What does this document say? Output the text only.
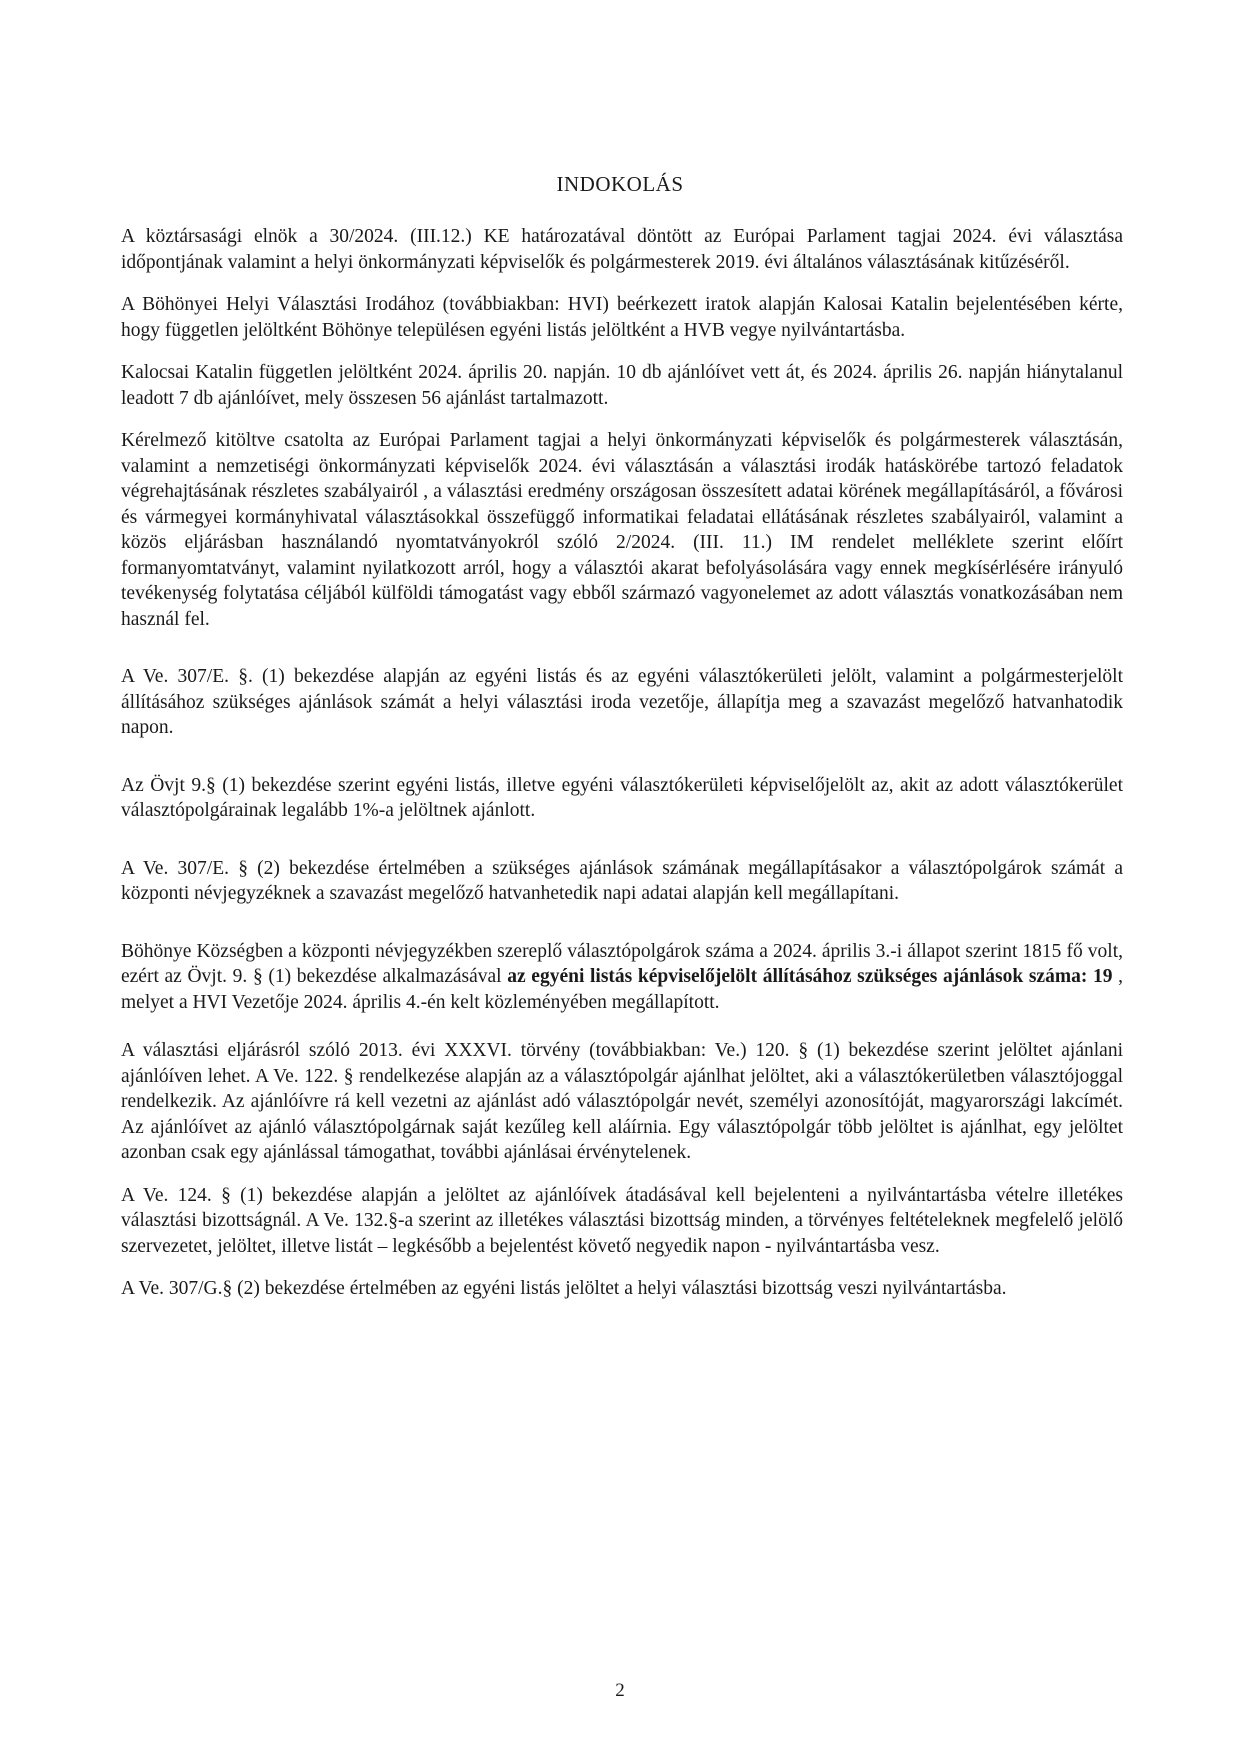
INDOKOLÁS

A köztársasági elnök a 30/2024. (III.12.) KE határozatával döntött az Európai Parlament tagjai 2024. évi választása időpontjának valamint a helyi önkormányzati képviselők és polgármesterek 2019. évi általános választásának kitűzéséről.

A Böhönyei Helyi Választási Irodához (továbbiakban: HVI) beérkezett iratok alapján Kalosai Katalin bejelentésében kérte, hogy független jelöltként Böhönye településen egyéni listás jelöltként a HVB vegye nyilvántartásba.

Kalocsai Katalin független jelöltként 2024. április 20. napján. 10 db ajánlóívet vett át, és 2024. április 26. napján hiánytalanul leadott 7 db ajánlóívet, mely összesen 56 ajánlást tartalmazott.

Kérelmező kitöltve csatolta az Európai Parlament tagjai a helyi önkormányzati képviselők és polgármesterek választásán, valamint a nemzetiségi önkormányzati képviselők 2024. évi választásán a választási irodák hatáskörébe tartozó feladatok végrehajtásának részletes szabályairól , a választási eredmény országosan összesített adatai körének megállapításáról, a fővárosi és vármegyei kormányhivatal választásokkal összefüggő informatikai feladatai ellátásának részletes szabályairól, valamint a közös eljárásban használandó nyomtatványokról szóló 2/2024. (III. 11.) IM rendelet melléklete szerint előírt formanyomtatványt, valamint nyilatkozott arról, hogy a választói akarat befolyásolására vagy ennek megkísérlésére irányuló tevékenység folytatása céljából külföldi támogatást vagy ebből származó vagyonelemet az adott választás vonatkozásában nem használ fel.

A Ve. 307/E. §. (1) bekezdése alapján az egyéni listás és az egyéni választókerületi jelölt, valamint a polgármesterjelölt állításához szükséges ajánlások számát a helyi választási iroda vezetője, állapítja meg a szavazást megelőző hatvanhatodik napon.

Az Övjt 9.§ (1) bekezdése szerint egyéni listás, illetve egyéni választókerületi képviselőjelölt az, akit az adott választókerület választópolgárainak legalább 1%-a jelöltnek ajánlott.

A Ve. 307/E. § (2) bekezdése értelmében a szükséges ajánlások számának megállapításakor a választópolgárok számát a központi névjegyzéknek a szavazást megelőző hatvanhetedik napi adatai alapján kell megállapítani.

Böhönye Községben a központi névjegyzékben szereplő választópolgárok száma a 2024. április 3.-i állapot szerint 1815 fő volt, ezért az Övjt. 9. § (1) bekezdése alkalmazásával az egyéni listás képviselőjelölt állításához szükséges ajánlások száma: 19 , melyet a HVI Vezetője 2024. április 4.-én kelt közleményében megállapított.

A választási eljárásról szóló 2013. évi XXXVI. törvény (továbbiakban: Ve.) 120. § (1) bekezdése szerint jelöltet ajánlani ajánlóíven lehet. A Ve. 122. § rendelkezése alapján az a választópolgár ajánlhat jelöltet, aki a választókerületben választójoggal rendelkezik. Az ajánlóívre rá kell vezetni az ajánlást adó választópolgár nevét, személyi azonosítóját, magyarországi lakcímét. Az ajánlóívet az ajánló választópolgárnak saját kezűleg kell aláírnia. Egy választópolgár több jelöltet is ajánlhat, egy jelöltet azonban csak egy ajánlással támogathat, további ajánlásai érvénytelenek.

A Ve. 124. § (1) bekezdése alapján a jelöltet az ajánlóívek átadásával kell bejelenteni a nyilvántartásba vételre illetékes választási bizottságnál. A Ve. 132.§-a szerint az illetékes választási bizottság minden, a törvényes feltételeknek megfelelő jelölő szervezetet, jelöltet, illetve listát – legkésőbb a bejelentést követő negyedik napon - nyilvántartásba vesz.

A Ve. 307/G.§ (2) bekezdése értelmében az egyéni listás jelöltet a helyi választási bizottság veszi nyilvántartásba.

2
